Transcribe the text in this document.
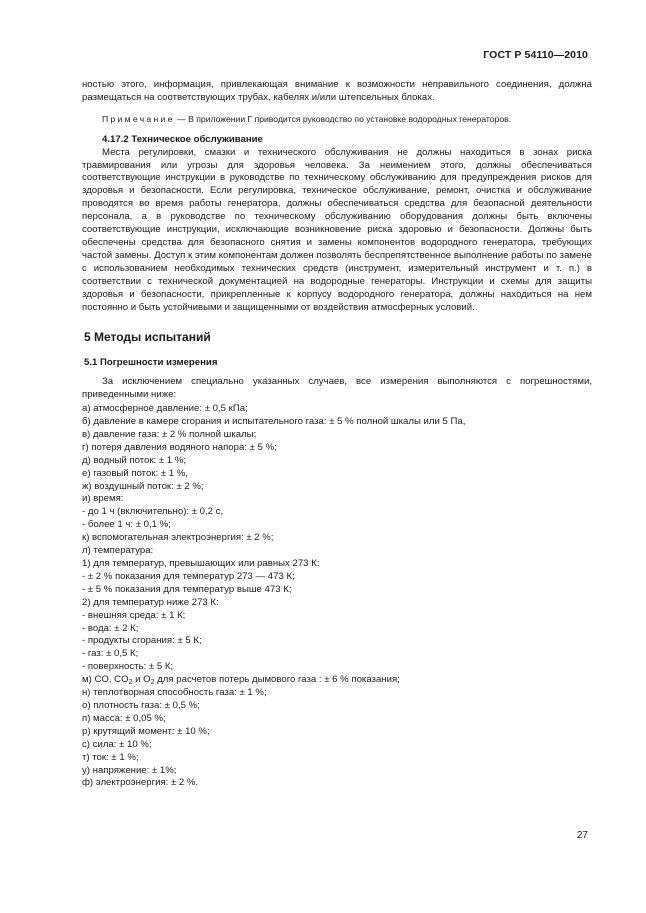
ГОСТ Р 54110—2010

ностью этого, информация, привлекающая внимание к возможности неправильного соединения, должна размещаться на соответствующих трубах, кабелях и/или штепсельных блоках.

Примечание — В приложении Г приводится руководство по установке водородных генераторов.

4.17.2 Техническое обслуживание

Места регулировки, смазки и технического обслуживания не должны находиться в зонах риска травмирования или угрозы для здоровья человека. За неимением этого, должны обеспечиваться соответствующие инструкции в руководстве по техническому обслуживанию для предупреждения рисков для здоровья и безопасности. Если регулировка, техническое обслуживание, ремонт, очистка и обслуживание проводятся во время работы генератора, должны обеспечиваться средства для безопасной деятельности персонала, а в руководстве по техническому обслуживанию оборудования должны быть включены соответствующие инструкции, исключающие возникновение риска здоровью и безопасности. Должны быть обеспечены средства для безопасного снятия и замены компонентов водородного генератора, требующих частой замены. Доступ к этим компонентам должен позволять беспрепятственное выполнение работы по замене с использованием необходимых технических средств (инструмент, измерительный инструмент и т. п.) в соответствии с технической документацией на водородные генераторы. Инструкции и схемы для защиты здоровья и безопасности, прикрепленные к корпусу водородного генератора, должны находиться на нем постоянно и быть устойчивыми и защищенными от воздействия атмосферных условий.

5 Методы испытаний
5.1 Погрешности измерения

За исключением специально указанных случаев, все измерения выполняются с погрешностями, приведенными ниже:

а) атмосферное давление: ± 0,5 кПа;

б) давление в камере сгорания и испытательного газа: ± 5 % полной шкалы или 5 Па,

в) давление газа: ± 2 % полной шкалы;

г) потеря давления водяного напора: ± 5 %;

д) водный поток: ± 1 %;

е) газовый поток: ± 1 %,

ж) воздушный поток: ± 2 %;

и) время:

- до 1 ч (включительно): ± 0,2 с,

- более 1 ч: ± 0,1 %;

к) вспомогательная электроэнергия: ± 2 %;

л) температура:

1) для температур, превышающих или равных 273 К:

- ± 2 % показания для температур 273 — 473 К;

- ± 5 % показания для температур выше 473 К;

2) для температур ниже 273 К:

- внешняя среда: ± 1 К;

- вода: ± 2 К;

- продукты сгорания: ± 5 К;

- газ: ± 0,5 К;

- поверхность: ± 5 К;

м) CO, $CO_2$ и $O_2$ для расчетов потерь дымового газа : ± 6 % показания;

н) теплотворная способность газа: ± 1 %;

о) плотность газа: ± 0,5 %;

п) масса: ± 0,05 %;

р) крутящий момент: ± 10 %;

с) сила: ± 10 %;

т) ток: ± 1 %;

у) напряжение: ± 1%;

ф) электроэнергия: ± 2 %.

27
